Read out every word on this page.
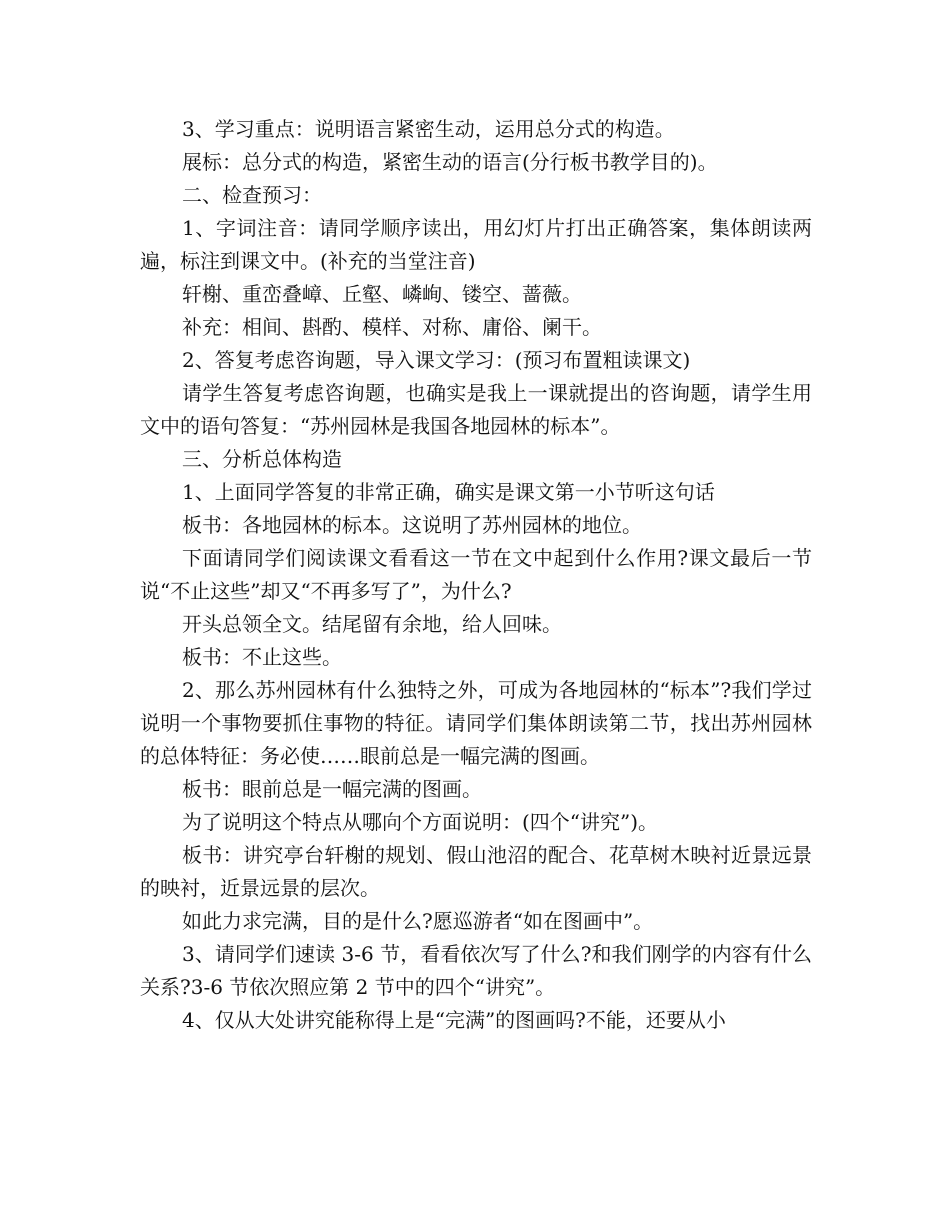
3、学习重点：说明语言紧密生动，运用总分式的构造。

展标：总分式的构造，紧密生动的语言(分行板书教学目的)。

二、检查预习：

1、字词注音：请同学顺序读出，用幻灯片打出正确答案，集体朗读两遍，标注到课文中。(补充的当堂注音)

轩榭、重峦叠嶂、丘壑、嶙峋、镂空、蔷薇。

补充：相间、斟酌、模样、对称、庸俗、阑干。

2、答复考虑咨询题，导入课文学习：(预习布置粗读课文)

请学生答复考虑咨询题，也确实是我上一课就提出的咨询题，请学生用文中的语句答复：“苏州园林是我国各地园林的标本”。

三、分析总体构造

1、上面同学答复的非常正确，确实是课文第一小节听这句话

板书：各地园林的标本。这说明了苏州园林的地位。

下面请同学们阅读课文看看这一节在文中起到什么作用?课文最后一节说“不止这些”却又“不再多写了”，为什么?

开头总领全文。结尾留有余地，给人回味。

板书：不止这些。

2、那么苏州园林有什么独特之外，可成为各地园林的“标本”?我们学过说明一个事物要抓住事物的特征。请同学们集体朗读第二节，找出苏州园林的总体特征：务必使……眼前总是一幅完满的图画。

板书：眼前总是一幅完满的图画。

为了说明这个特点从哪向个方面说明：(四个“讲究”)。

板书：讲究亭台轩榭的规划、假山池沼的配合、花草树木映衬近景远景的映衬，近景远景的层次。

如此力求完满，目的是什么?愿巡游者“如在图画中”。

3、请同学们速读 3-6 节，看看依次写了什么?和我们刚学的内容有什么关系?3-6 节依次照应第 2 节中的四个“讲究”。

4、仅从大处讲究能称得上是“完满”的图画吗?不能，还要从小
